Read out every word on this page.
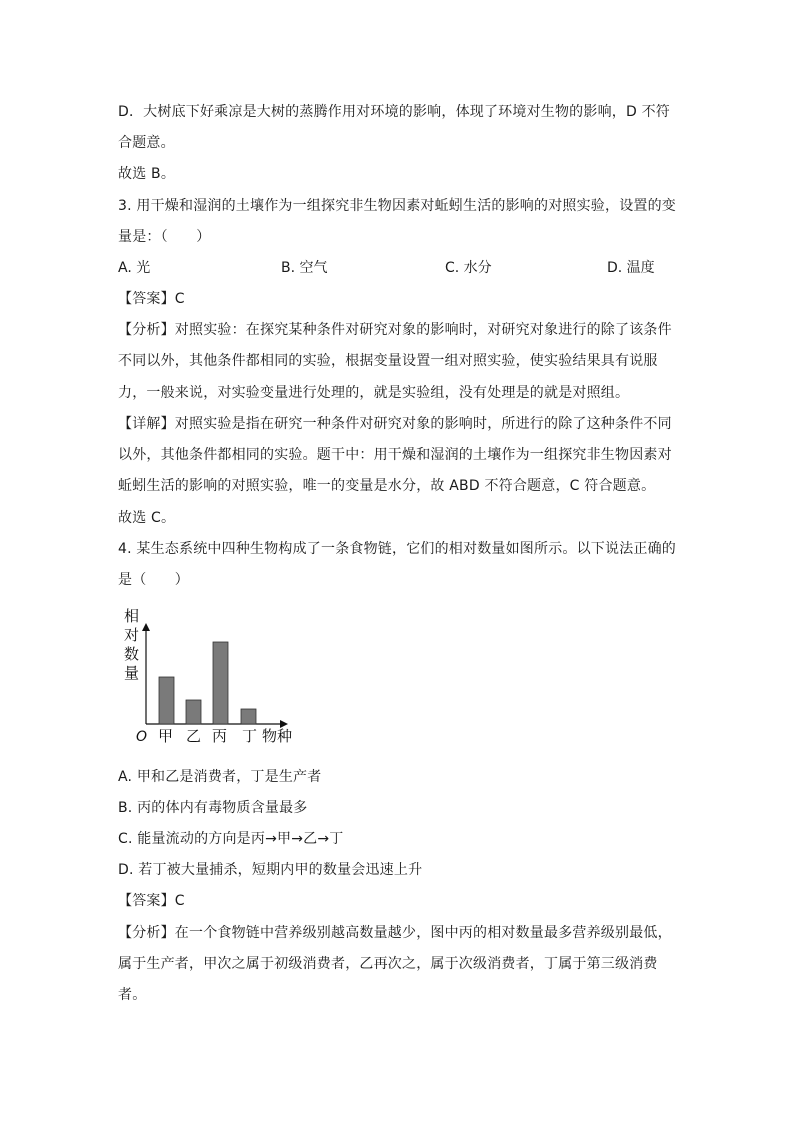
D．大树底下好乘凉是大树的蒸腾作用对环境的影响，体现了环境对生物的影响，D 不符
合题意。
故选 B。
3. 用干燥和湿润的土壤作为一组探究非生物因素对蚯蚓生活的影响的对照实验，设置的变
量是：（　　）
A. 光	B. 空气	C. 水分	D. 温度
【答案】C
【分析】对照实验：在探究某种条件对研究对象的影响时，对研究对象进行的除了该条件
不同以外，其他条件都相同的实验，根据变量设置一组对照实验，使实验结果具有说服
力，一般来说，对实验变量进行处理的，就是实验组，没有处理是的就是对照组。
【详解】对照实验是指在研究一种条件对研究对象的影响时，所进行的除了这种条件不同
以外，其他条件都相同的实验。题干中：用干燥和湿润的土壤作为一组探究非生物因素对
蚯蚓生活的影响的对照实验，唯一的变量是水分，故 ABD 不符合题意，C 符合题意。
故选 C。
4. 某生态系统中四种生物构成了一条食物链，它们的相对数量如图所示。以下说法正确的
是（　　）
相
对
数
量
O 甲 乙 丙 丁 物种
A. 甲和乙是消费者，丁是生产者
B. 丙的体内有毒物质含量最多
C. 能量流动的方向是丙→甲→乙→丁
D. 若丁被大量捕杀，短期内甲的数量会迅速上升
【答案】C
【分析】在一个食物链中营养级别越高数量越少，图中丙的相对数量最多营养级别最低，
属于生产者，甲次之属于初级消费者，乙再次之，属于次级消费者，丁属于第三级消费
者。
